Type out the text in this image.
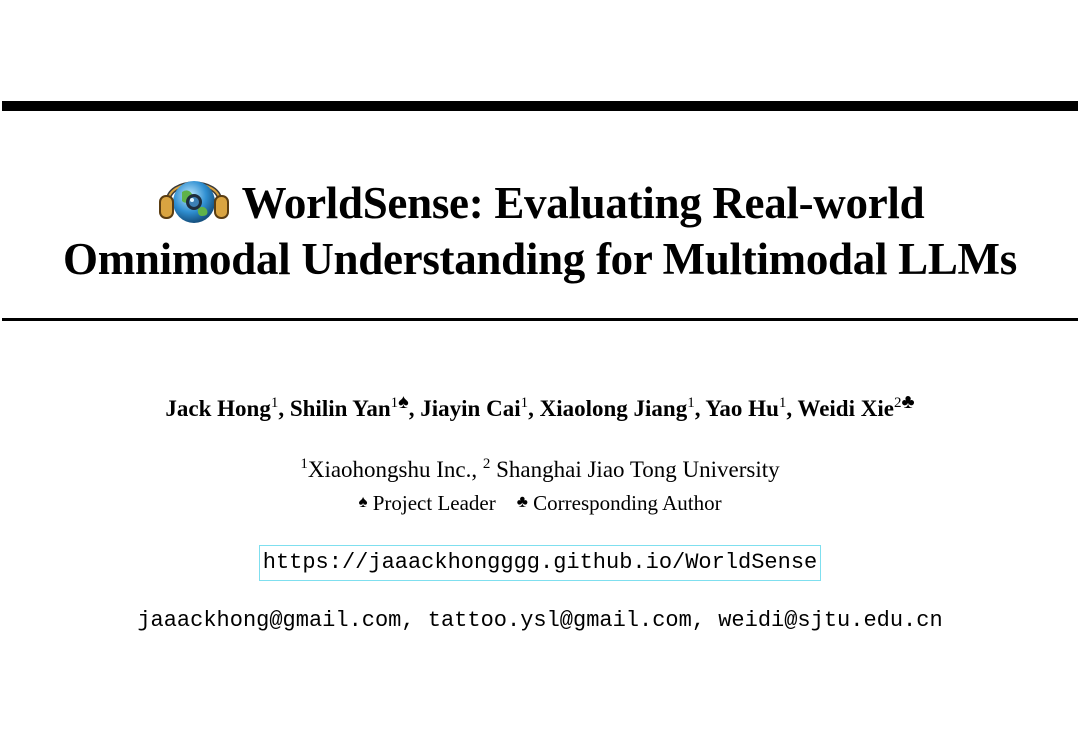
WorldSense: Evaluating Real-world
Omnimodal Understanding for Multimodal LLMs
Jack Hong$^1$, Shilin Yan$^1$♠, Jiayin Cai$^1$, Xiaolong Jiang$^1$, Yao Hu$^1$, Weidi Xie$^2$♣
$^1$Xiaohongshu Inc., $^2$ Shanghai Jiao Tong University
♠ Project Leader ♣ Corresponding Author
https://jaaackhongggg.github.io/WorldSense
jaaackhong@gmail.com, tattoo.ysl@gmail.com, weidi@sjtu.edu.cn
